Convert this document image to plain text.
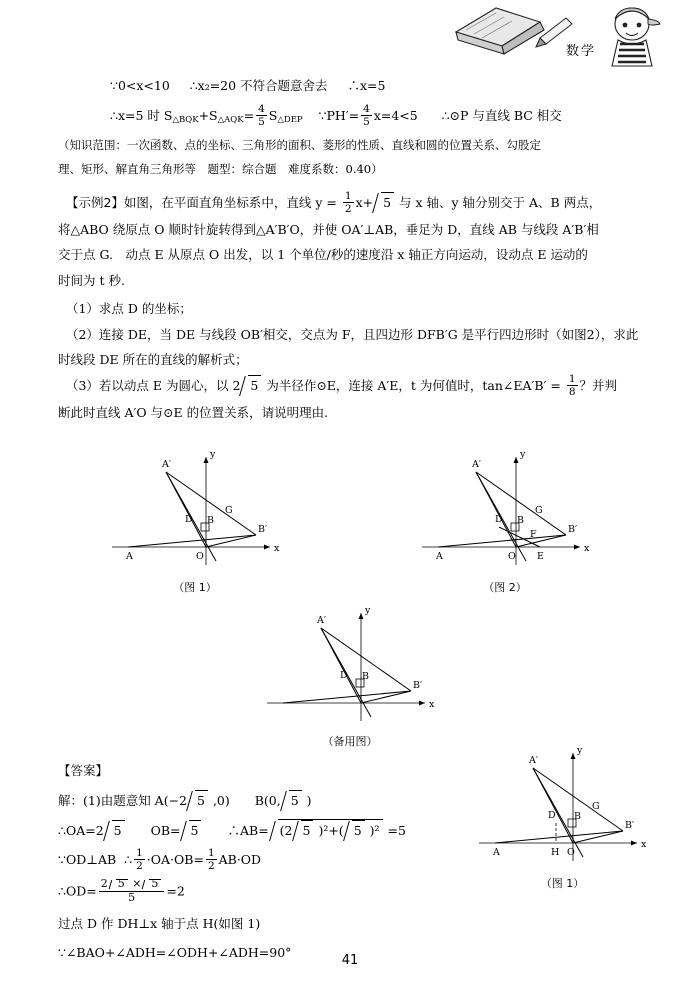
数学

∵0<x<10 ∴x₂=20 不符合题意舍去 ∴x=5

∴x=5 时 $S_{\triangle BQK}+S_{\triangle AQK}= \frac{4}{5} S_{\triangle DEP}$ ∵PH′= $\frac{4}{5} x=4<5$ ∴⊙P 与直线 BC 相交

（知识范围：一次函数、点的坐标、三角形的面积、菱形的性质、直线和圆的位置关系、勾股定

理、矩形、解直角三角形等　题型：综合题　难度系数：0.40）

【示例2】如图，在平面直角坐标系中，直线 $y = \frac{1}{2} x+ 5$ 与 x 轴、y 轴分别交于 A、B 两点，

将△ABO 绕原点 O 顺时针旋转得到△A′B′O，并使 OA′⊥AB，垂足为 D，直线 AB 与线段 A′B′相

交于点 G.　动点 E 从原点 O 出发，以 1 个单位/秒的速度沿 x 轴正方向运动，设动点 E 运动的

时间为 t 秒.

（1）求点 D 的坐标；

（2）连接 DE，当 DE 与线段 OB′相交，交点为 F，且四边形 DFB′G 是平行四边形时（如图2），求此

时线段 DE 所在的直线的解析式；

（3）若以动点 E 为圆心，以 2 5 为半径作⊙E，连接 A′E，t 为何值时，tan∠EA′B′ = $\frac{1}{8}$ ？并判

断此时直线 A′O 与⊙E 的位置关系，请说明理由.

A′
D B
G
B′
A	O
x
y
（图 1）
A′
D B
G
F	B′
A	O E
x
y
（图 2）
A′
D B
B′
x
y
（备用图）

【答案】

解：(1)由题意知 A(−2 5 ,0)　　B(0, 5 )

∴OA=2 5　　OB= 5　　∴AB= (2 5 )²+( 5 )² =5

∵OD⊥AB ∴ $\frac{1}{2} \cdot OA\cdot OB= \frac{1}{2} AB\cdot OD$

∴OD= $\frac{2 5 \times 5}{5} =2$

过点 D 作 DH⊥x 轴于点 H(如图 1)

∵∠BAO+∠ADH=∠ODH+∠ADH=90°

A′
D B
G
B′
A	H O
x
y
（图 1）
41
